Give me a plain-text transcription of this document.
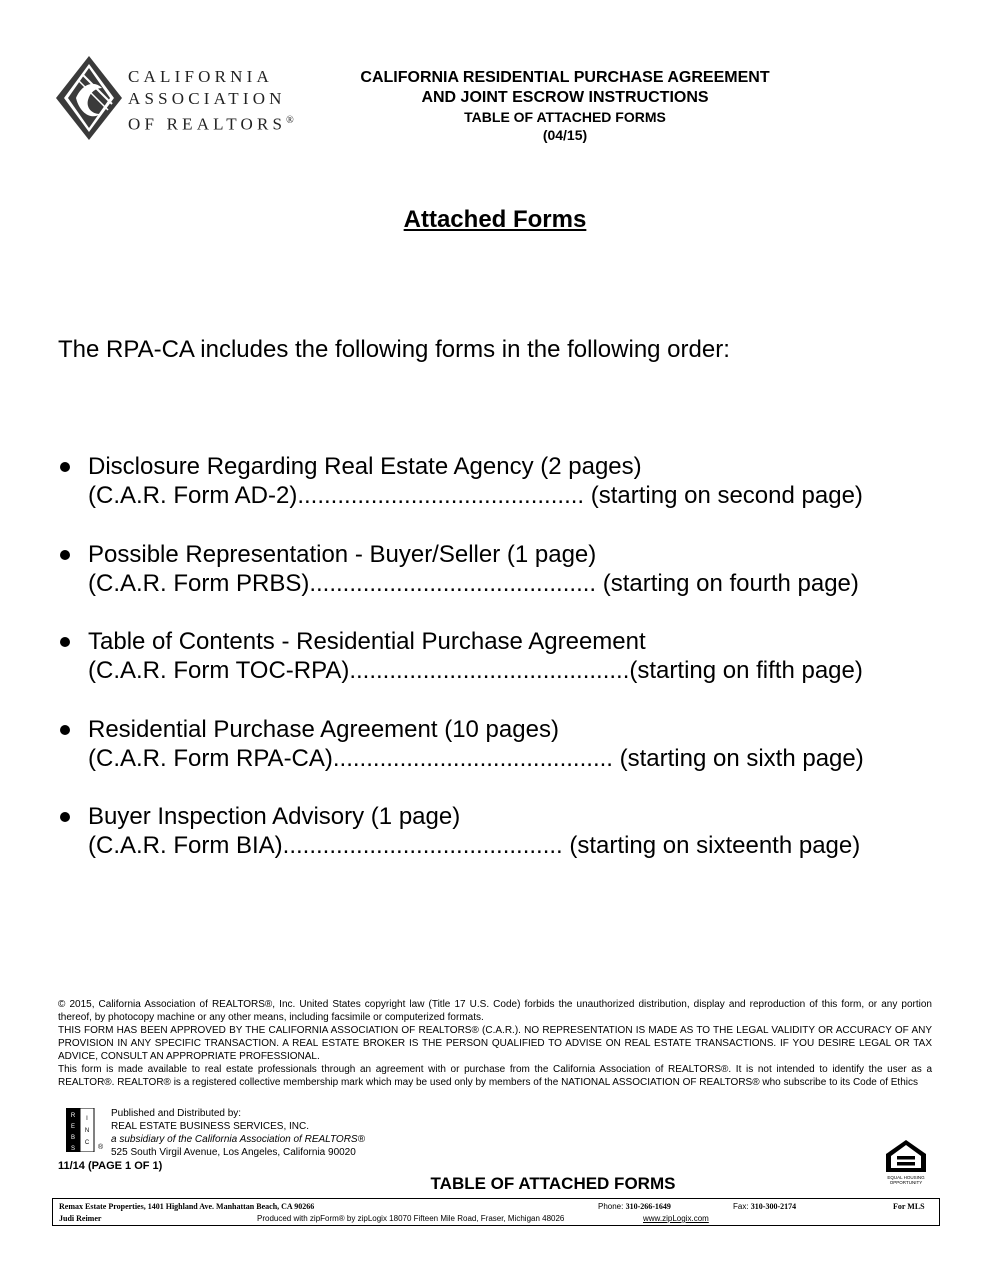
CALIFORNIA
ASSOCIATION
OF REALTORS®
CALIFORNIA RESIDENTIAL PURCHASE AGREEMENT
AND JOINT ESCROW INSTRUCTIONS
TABLE OF ATTACHED FORMS
(04/15)
Attached Forms
The RPA-CA includes the following forms in the following order:
Disclosure Regarding Real Estate Agency (2 pages)
(C.A.R. Form AD-2)........................................... (starting on second page)
Possible Representation - Buyer/Seller (1 page)
(C.A.R. Form PRBS)........................................... (starting on fourth page)
Table of Contents - Residential Purchase Agreement
(C.A.R. Form TOC-RPA)..........................................(starting on fifth page)
Residential Purchase Agreement (10 pages)
(C.A.R. Form RPA-CA).......................................... (starting on sixth page)
Buyer Inspection Advisory (1 page)
(C.A.R. Form BIA).......................................... (starting on sixteenth page)

© 2015, California Association of REALTORS®, Inc. United States copyright law (Title 17 U.S. Code) forbids the unauthorized distribution, display and reproduction of this form, or any portion thereof, by photocopy machine or any other means, including facsimile or computerized formats.

THIS FORM HAS BEEN APPROVED BY THE CALIFORNIA ASSOCIATION OF REALTORS® (C.A.R.). NO REPRESENTATION IS MADE AS TO THE LEGAL VALIDITY OR ACCURACY OF ANY PROVISION IN ANY SPECIFIC TRANSACTION. A REAL ESTATE BROKER IS THE PERSON QUALIFIED TO ADVISE ON REAL ESTATE TRANSACTIONS. IF YOU DESIRE LEGAL OR TAX ADVICE, CONSULT AN APPROPRIATE PROFESSIONAL.

This form is made available to real estate professionals through an agreement with or purchase from the California Association of REALTORS®. It is not intended to identify the user as a REALTOR®. REALTOR® is a registered collective membership mark which may be used only by members of the NATIONAL ASSOCIATION OF REALTORS® who subscribe to its Code of Ethics

R
E
B
S
I
N
C
®
Published and Distributed by:
REAL ESTATE BUSINESS SERVICES, INC.
a subsidiary of the California Association of REALTORS®
525 South Virgil Avenue, Los Angeles, California 90020
11/14 (PAGE 1 OF 1)
TABLE OF ATTACHED FORMS	EQUAL HOUSING
OPPORTUNITY
Remax Estate Properties, 1401 Highland Ave. Manhattan Beach, CA 90266	Phone: 310-266-1649	Fax: 310-300-2174	For MLS
Judi Reimer	Produced with zipForm® by zipLogix 18070 Fifteen Mile Road, Fraser, Michigan 48026	www.zipLogix.com
